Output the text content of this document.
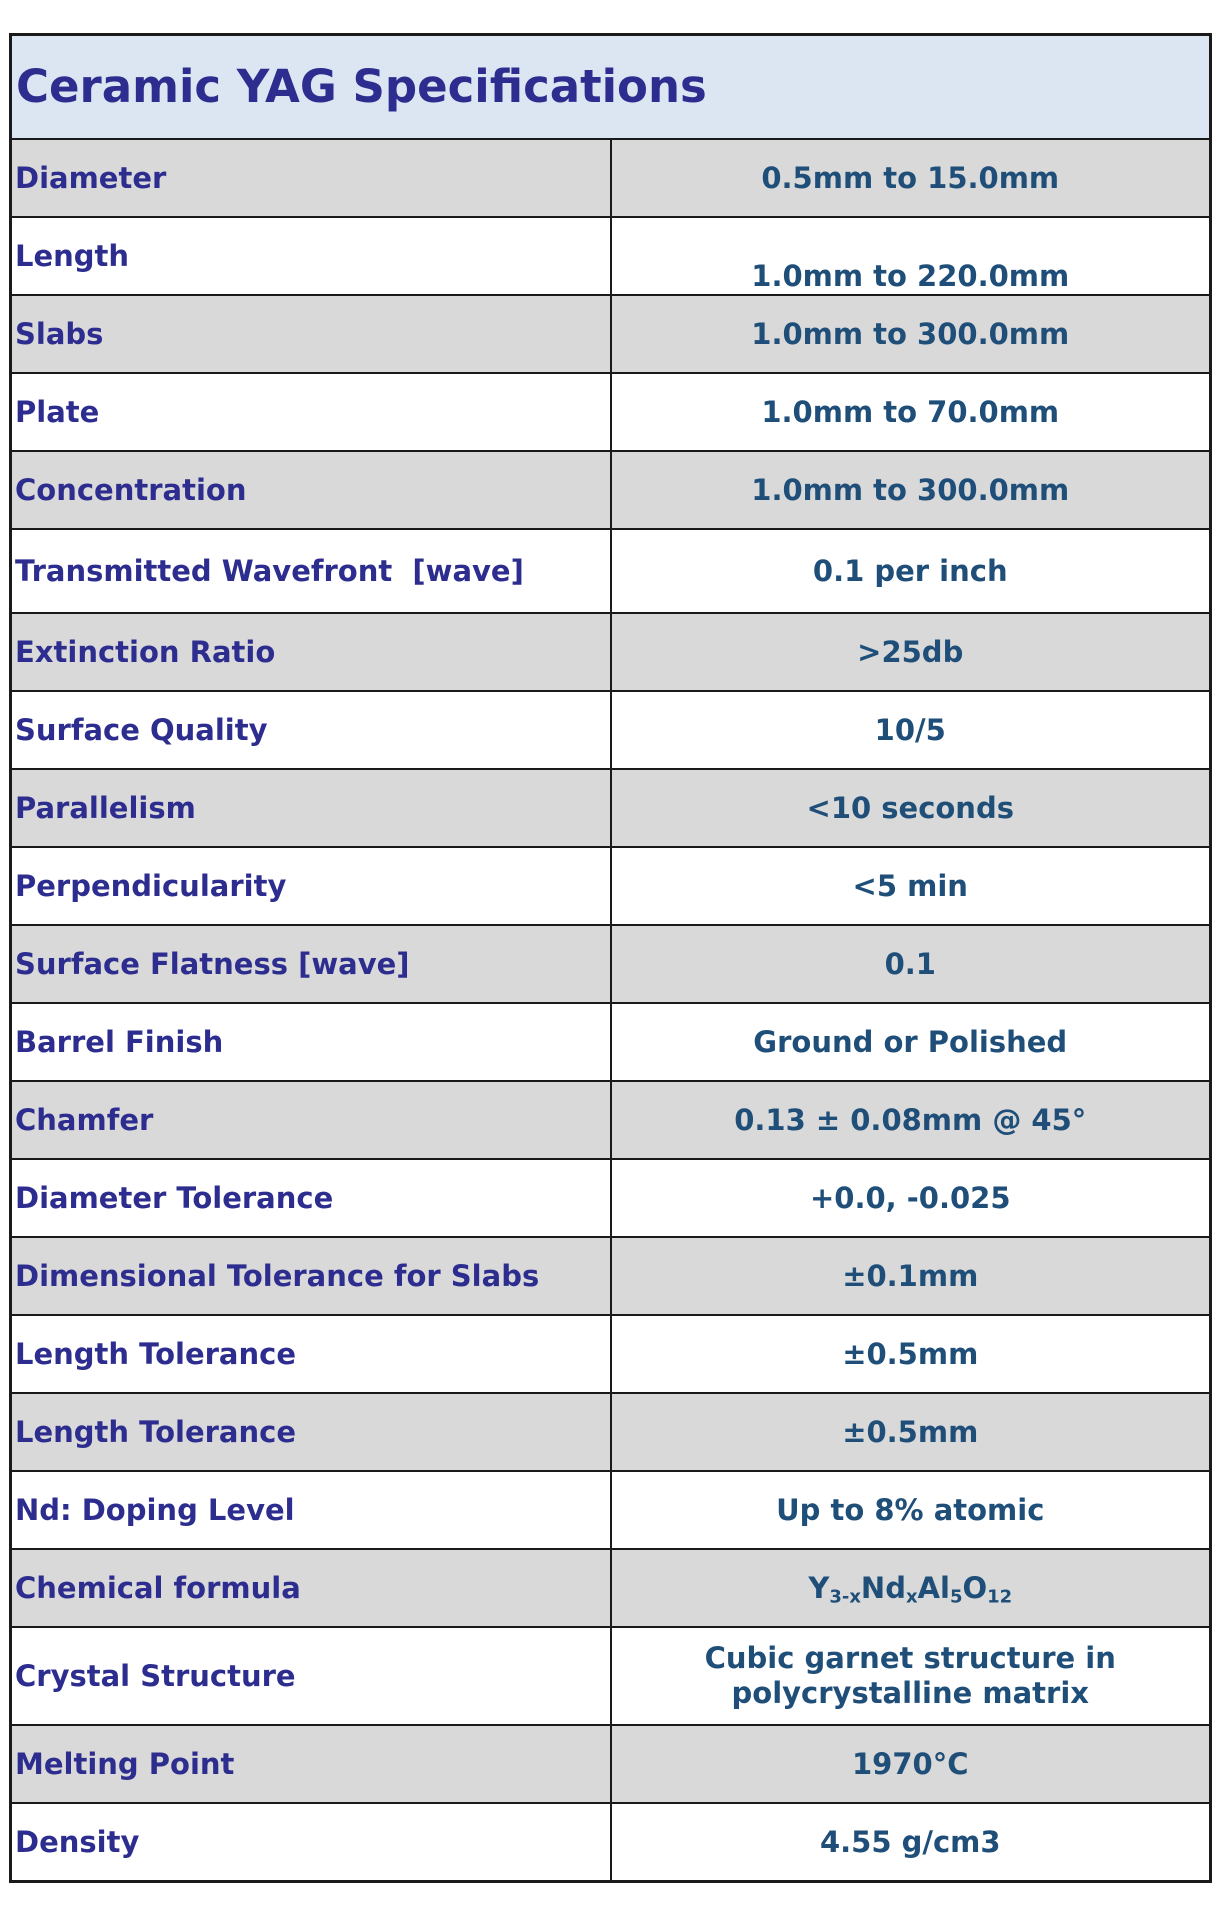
Ceramic YAG Specifications	
Diameter	0.5mm to 15.0mm
Length	1.0mm to 220.0mm
Slabs	1.0mm to 300.0mm
Plate	1.0mm to 70.0mm
Concentration	1.0mm to 300.0mm
Transmitted Wavefront  [wave]	0.1 per inch
Extinction Ratio	>25db
Surface Quality	10/5
Parallelism	<10 seconds
Perpendicularity	<5 min
Surface Flatness [wave]	0.1
Barrel Finish	Ground or Polished
Chamfer	0.13 ± 0.08mm @ 45°
Diameter Tolerance	+0.0, -0.025
Dimensional Tolerance for Slabs	±0.1mm
Length Tolerance	±0.5mm
Length Tolerance	±0.5mm
Nd: Doping Level	Up to 8% atomic
Chemical formula	$Y_{3-x}Nd_xAl_5O_{12}$
Crystal Structure	Cubic garnet structure in
polycrystalline matrix

Melting Point	1970°C
Density	4.55 g/cm3
